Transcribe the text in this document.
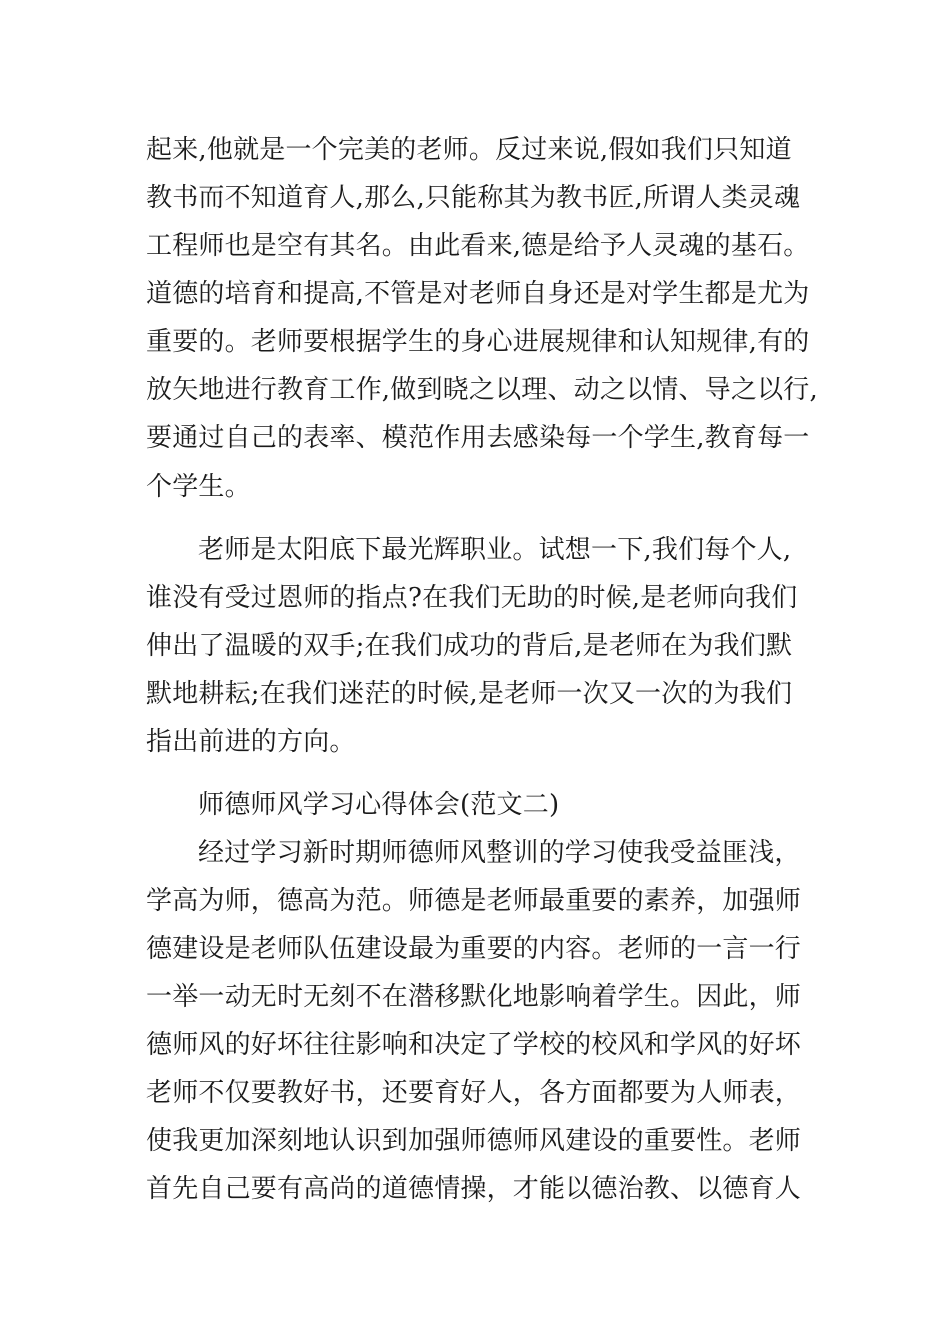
起来,他就是一个完美的老师。反过来说,假如我们只知道
教书而不知道育人,那么,只能称其为教书匠,所谓人类灵魂
工程师也是空有其名。由此看来,德是给予人灵魂的基石。
道德的培育和提高,不管是对老师自身还是对学生都是尤为
重要的。老师要根据学生的身心进展规律和认知规律,有的
放矢地进行教育工作,做到晓之以理、动之以情、导之以行,
要通过自己的表率、模范作用去感染每一个学生,教育每一
个学生。
老师是太阳底下最光辉职业。试想一下,我们每个人,
谁没有受过恩师的指点?在我们无助的时候,是老师向我们
伸出了温暖的双手;在我们成功的背后,是老师在为我们默
默地耕耘;在我们迷茫的时候,是老师一次又一次的为我们
指出前进的方向。
师德师风学习心得体会(范文二)
经过学习新时期师德师风整训的学习使我受益匪浅，
学高为师，德高为范。师德是老师最重要的素养，加强师
德建设是老师队伍建设最为重要的内容。老师的一言一行
一举一动无时无刻不在潜移默化地影响着学生。因此，师
德师风的好坏往往影响和决定了学校的校风和学风的好坏
老师不仅要教好书，还要育好人，各方面都要为人师表，
使我更加深刻地认识到加强师德师风建设的重要性。老师
首先自己要有高尚的道德情操，才能以德治教、以德育人
